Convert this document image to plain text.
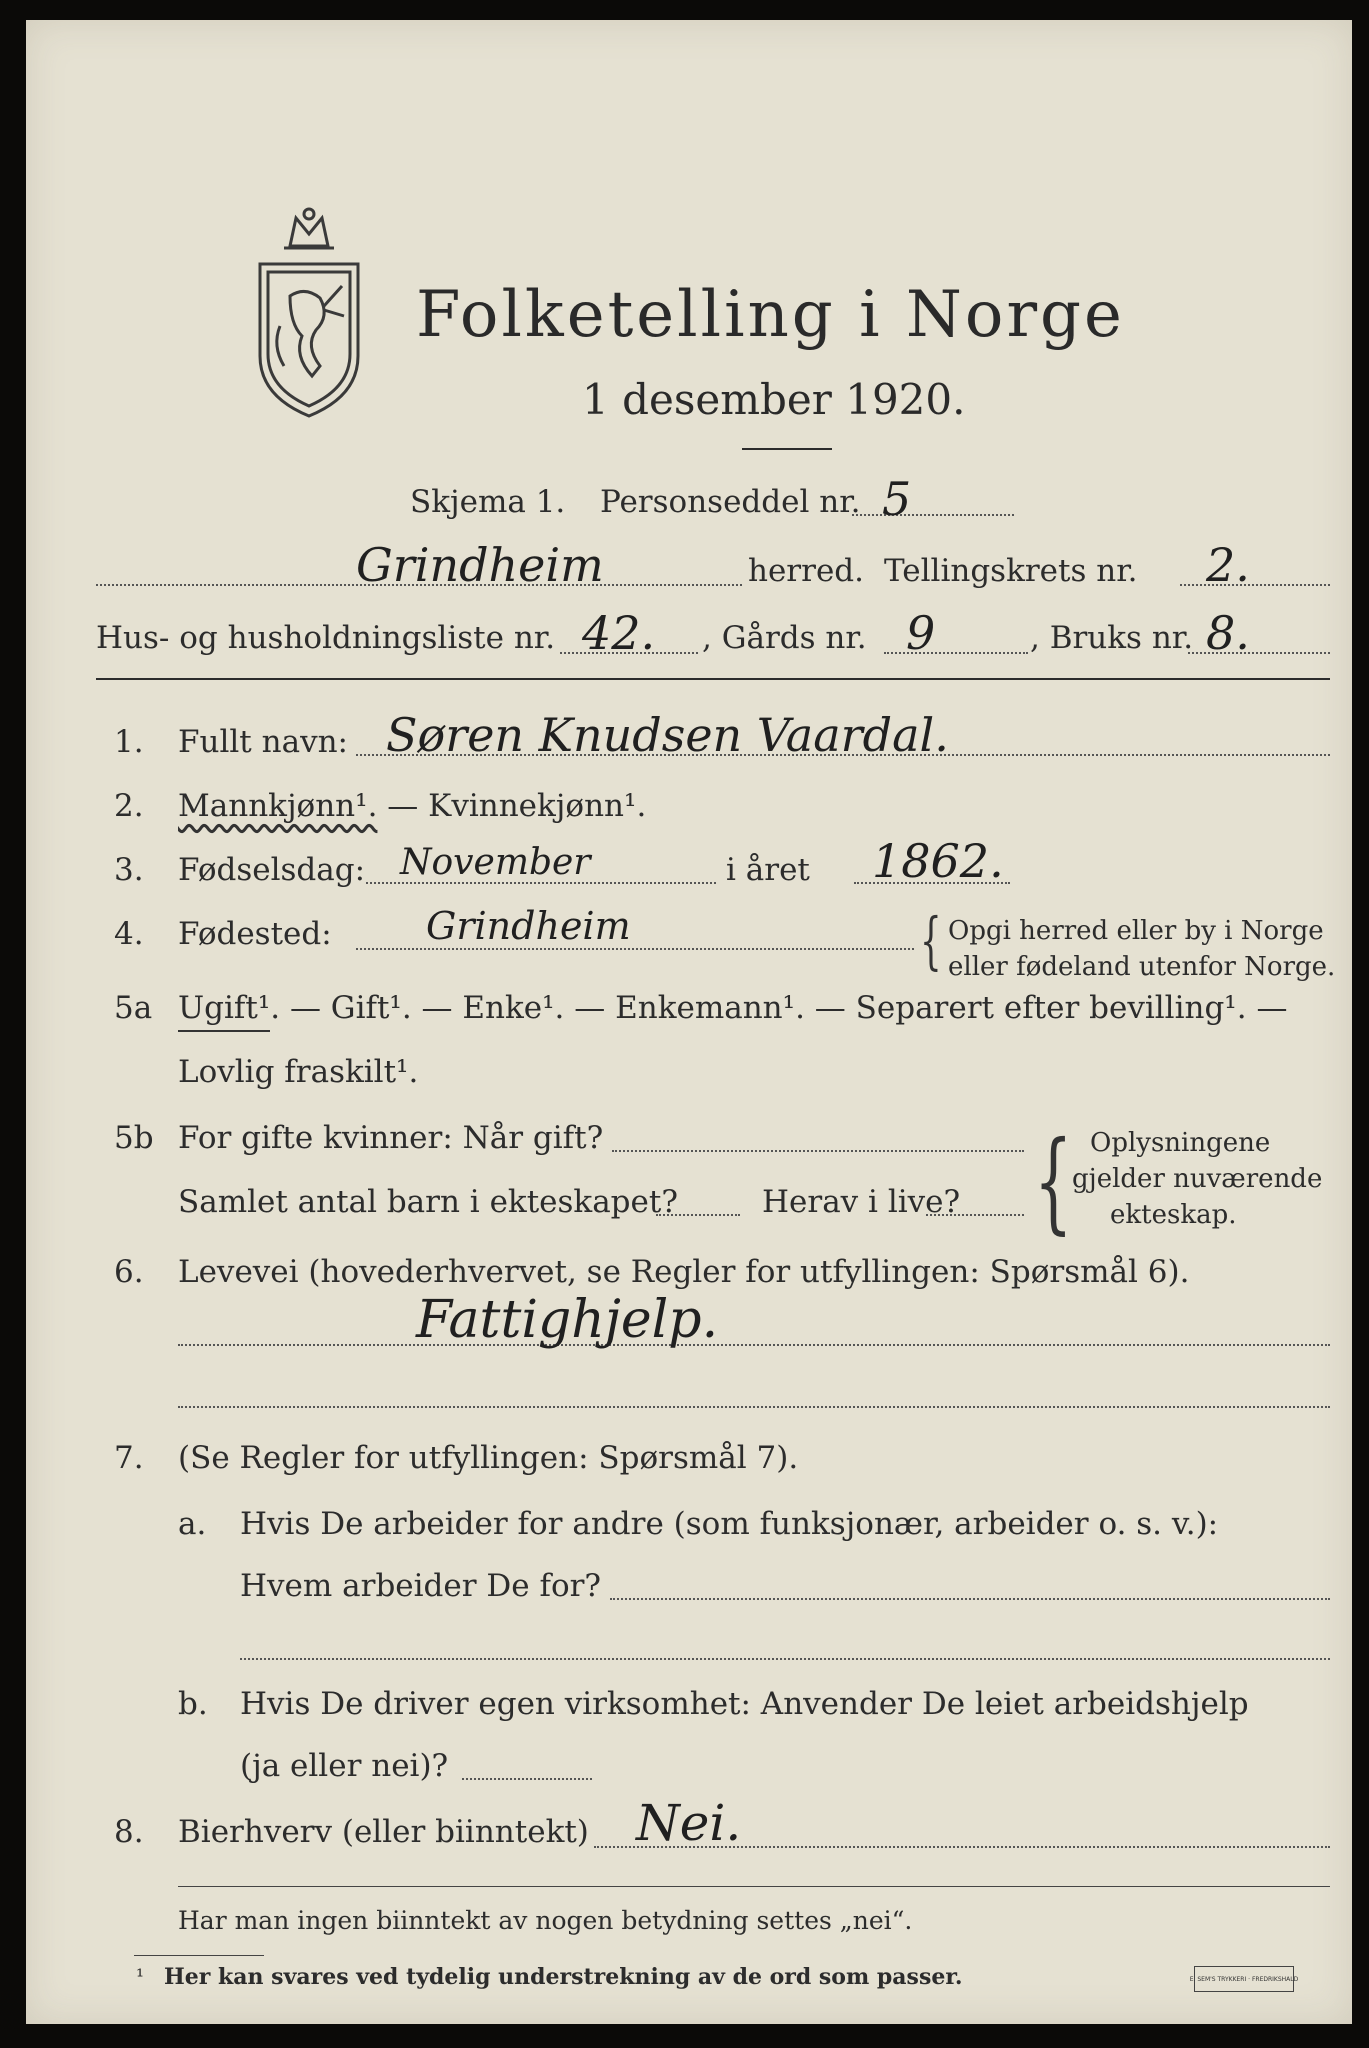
Folketelling i Norge
1 desember 1920.
Skjema 1. Personseddel nr. 5
Grindheim	herred. Tellingskrets nr. 2.
Hus- og husholdningsliste nr. 42. , Gårds nr. 9	, Bruks nr. 8.
1. Fullt navn: Søren Knudsen Vaardal.
2. Mannkjønn¹. — Kvinnekjønn¹.
3. Fødselsdag: November	i året 1862.
4. Fødested: Grindheim	{ Opgi herred eller by i Norge
eller fødeland utenfor Norge.
5a Ugift¹. — Gift¹. — Enke¹. — Enkemann¹. — Separert efter bevilling¹. —
Lovlig fraskilt¹.
5b For gifte kvinner: Når gift?
Samlet antal barn i ekteskapet?	Herav i live? { Oplysningene
gjelder nuværende
ekteskap.
6. Levevei (hovederhvervet, se Regler for utfyllingen: Spørsmål 6).
Fattighjelp.
7. (Se Regler for utfyllingen: Spørsmål 7).
a. Hvis De arbeider for andre (som funksjonær, arbeider o. s. v.):
Hvem arbeider De for?
b. Hvis De driver egen virksomhet: Anvender De leiet arbeidshjelp
(ja eller nei)?
8. Bierhverv (eller biinntekt) Nei.
Har man ingen biinntekt av nogen betydning settes „nei“.
¹ Her kan svares ved tydelig understrekning av de ord som passer.	E. SEM'S TRYKKERI · FREDRIKSHALD
